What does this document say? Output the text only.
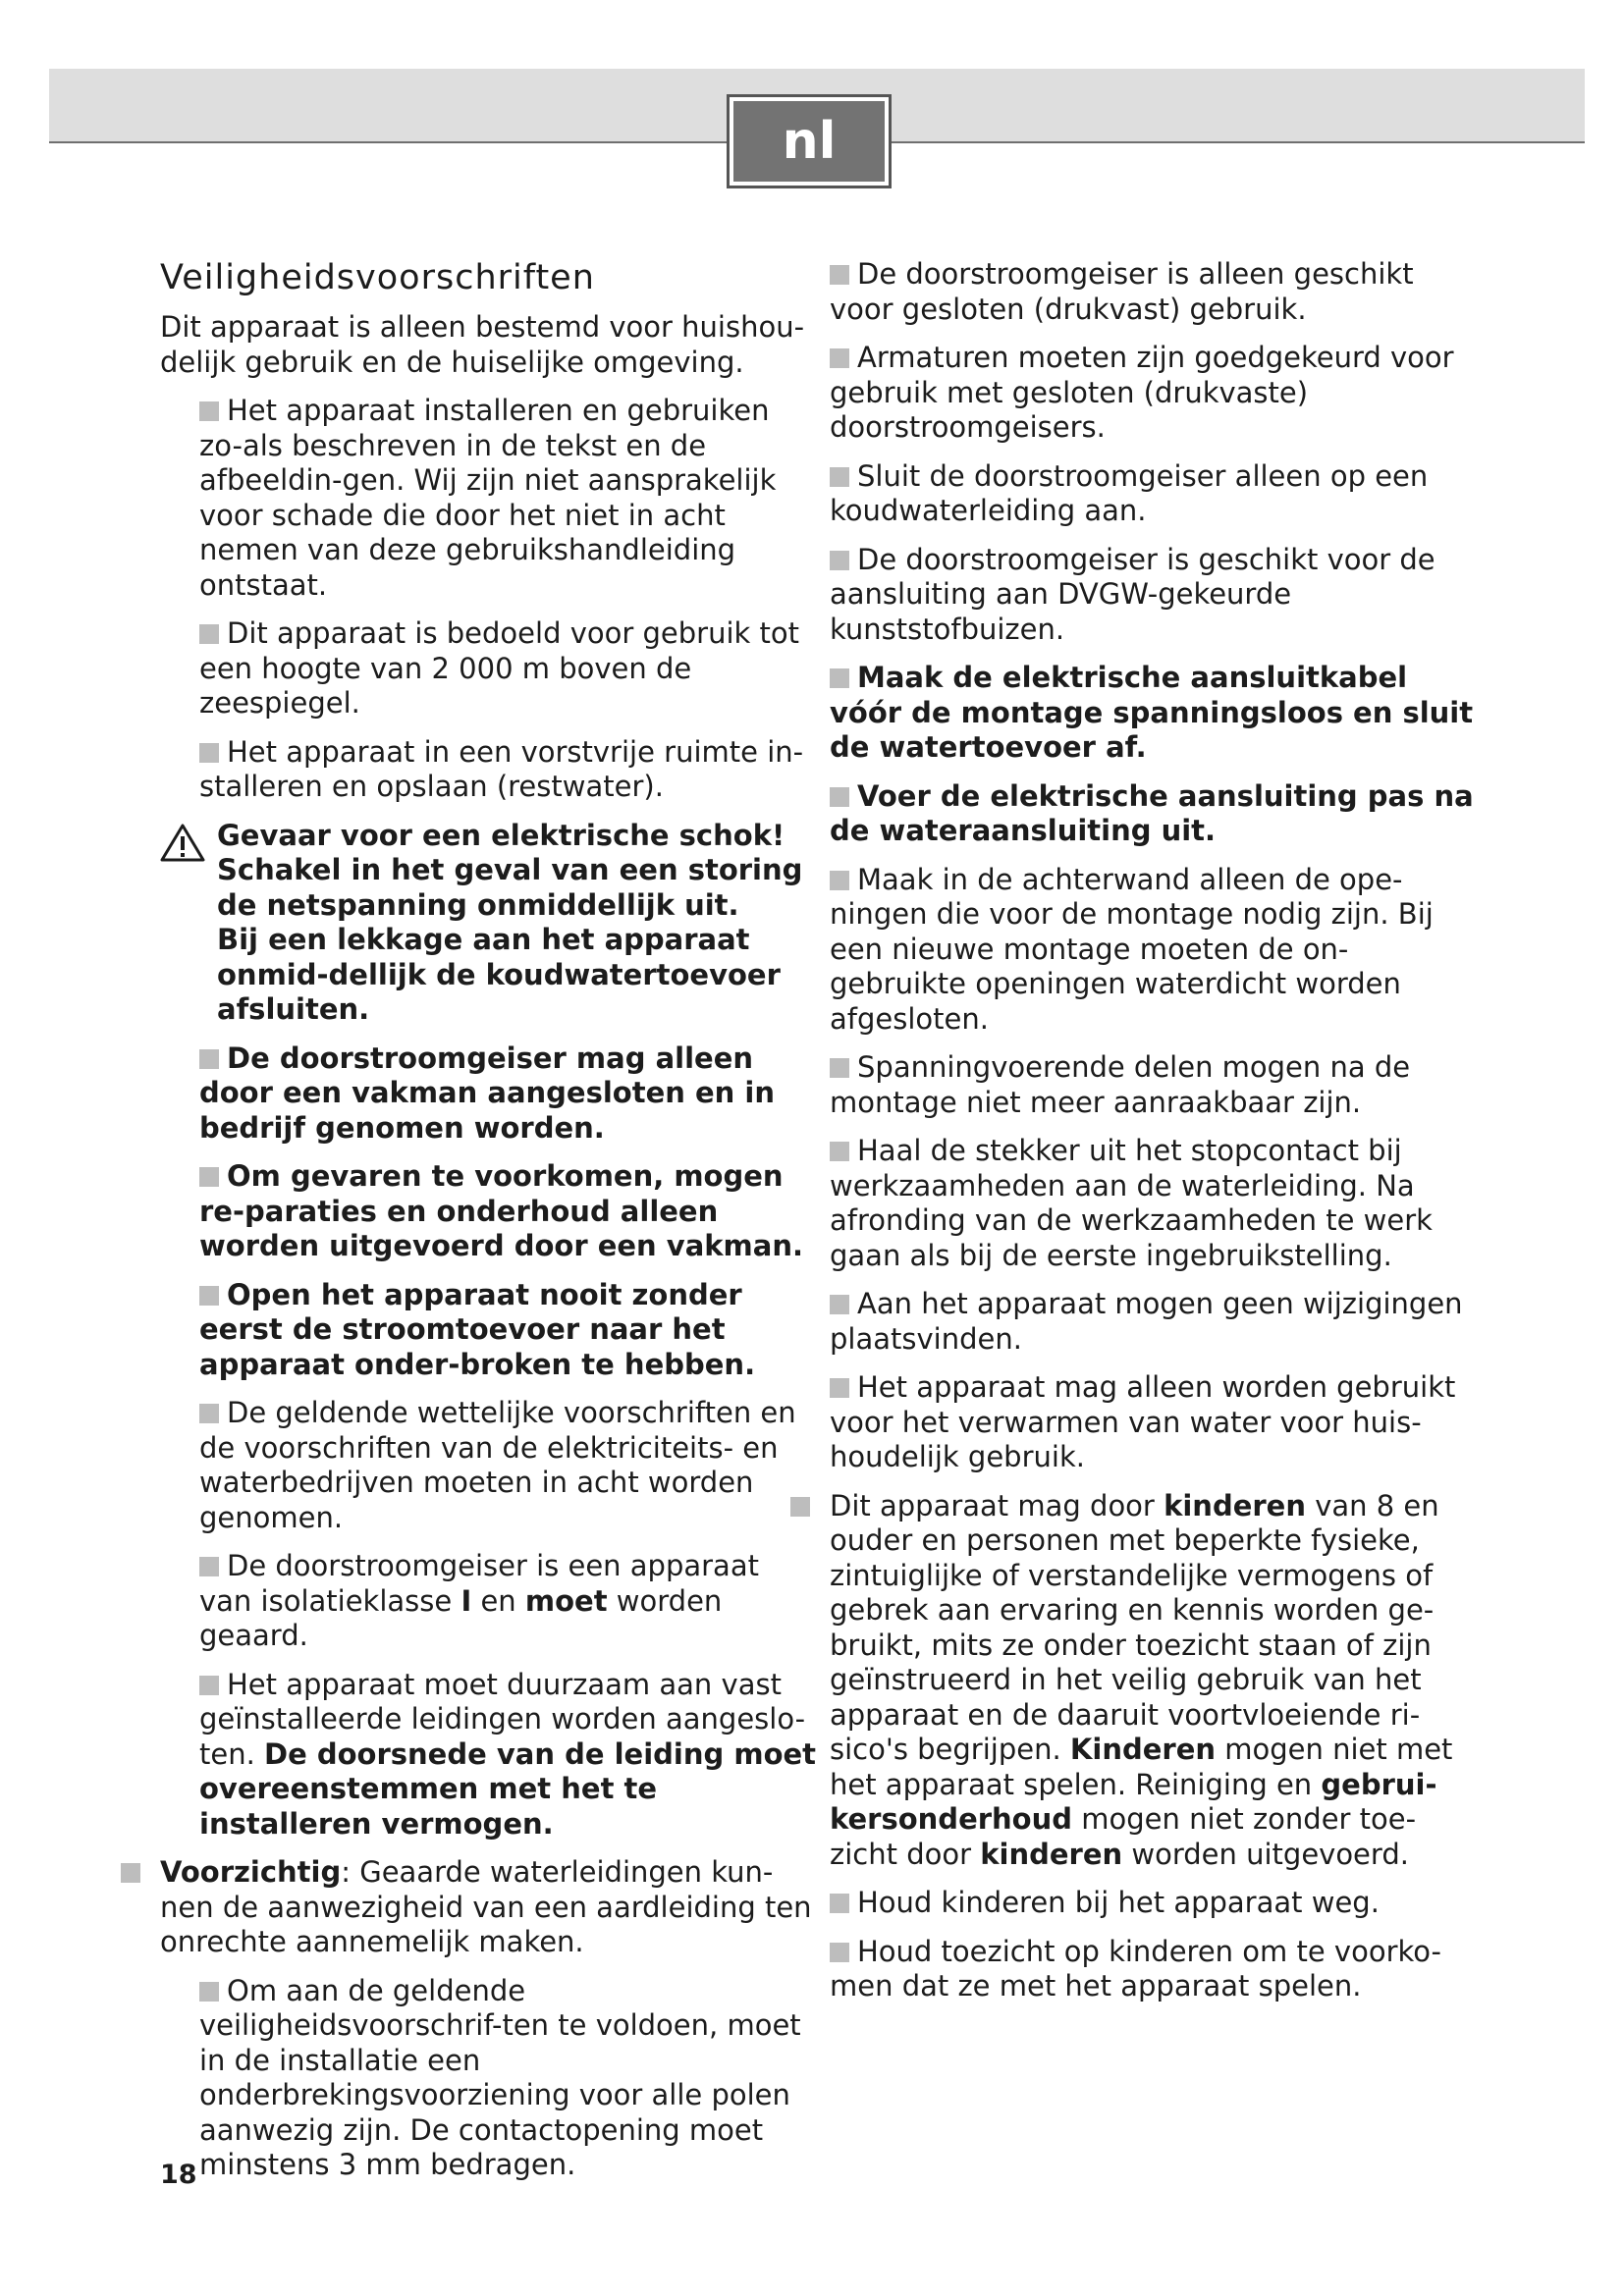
nl
Veiligheidsvoorschriften

Dit apparaat is alleen bestemd voor huishou-delijk gebruik en de huiselijke omgeving.

Het apparaat installeren en gebruiken zo-als beschreven in de tekst en de afbeeldin-gen. Wij zijn niet aansprakelijk voor schade die door het niet in acht nemen van deze gebruikshandleiding ontstaat.
Dit apparaat is bedoeld voor gebruik tot een hoogte van 2 000 m boven de zeespiegel.
Het apparaat in een vorstvrije ruimte in-stalleren en opslaan (restwater).
Gevaar voor een elektrische schok!
Schakel in het geval van een storing de netspanning onmiddellijk uit.
Bij een lekkage aan het apparaat onmid-dellijk de koudwatertoevoer afsluiten.
De doorstroomgeiser mag alleen door een vakman aangesloten en in bedrijf genomen worden.
Om gevaren te voorkomen, mogen re-paraties en onderhoud alleen worden uitgevoerd door een vakman.
Open het apparaat nooit zonder eerst de stroomtoevoer naar het apparaat onder-broken te hebben.
De geldende wettelijke voorschriften en de voorschriften van de elektriciteits- en waterbedrijven moeten in acht worden genomen.
De doorstroomgeiser is een apparaat van isolatieklasse I en moet worden geaard.
Het apparaat moet duurzaam aan vast geïnstalleerde leidingen worden aangeslo-ten. De doorsnede van de leiding moet overeenstemmen met het te installeren vermogen.
Voorzichtig: Geaarde waterleidingen kun-nen de aanwezigheid van een aardleiding ten onrechte aannemelijk maken.
Om aan de geldende veiligheidsvoorschrif-ten te voldoen, moet in de installatie een onderbrekingsvoorziening voor alle polen aanwezig zijn. De contactopening moet minstens 3 mm bedragen.
De doorstroomgeiser is alleen geschikt voor gesloten (drukvast) gebruik.
Armaturen moeten zijn goedgekeurd voor gebruik met gesloten (drukvaste) doorstroomgeisers.
Sluit de doorstroomgeiser alleen op een koudwaterleiding aan.
De doorstroomgeiser is geschikt voor de aansluiting aan DVGW-gekeurde kunststofbuizen.
Maak de elektrische aansluitkabel vóór de montage spanningsloos en sluit de watertoevoer af.
Voer de elektrische aansluiting pas na de wateraansluiting uit.
Maak in de achterwand alleen de ope-ningen die voor de montage nodig zijn. Bij een nieuwe montage moeten de on-gebruikte openingen waterdicht worden afgesloten.
Spanningvoerende delen mogen na de montage niet meer aanraakbaar zijn.
Haal de stekker uit het stopcontact bij werkzaamheden aan de waterleiding. Na afronding van de werkzaamheden te werk gaan als bij de eerste ingebruikstelling.
Aan het apparaat mogen geen wijzigingen plaatsvinden.
Het apparaat mag alleen worden gebruikt voor het verwarmen van water voor huis-houdelijk gebruik.
Dit apparaat mag door kinderen van 8 en ouder en personen met beperkte fysieke, zintuiglijke of verstandelijke vermogens of gebrek aan ervaring en kennis worden ge-bruikt, mits ze onder toezicht staan of zijn geïnstrueerd in het veilig gebruik van het apparaat en de daaruit voortvloeiende ri-sico's begrijpen. Kinderen mogen niet met het apparaat spelen. Reiniging en gebrui-kersonderhoud mogen niet zonder toe-zicht door kinderen worden uitgevoerd.
Houd kinderen bij het apparaat weg.
Houd toezicht op kinderen om te voorko-men dat ze met het apparaat spelen.
18
